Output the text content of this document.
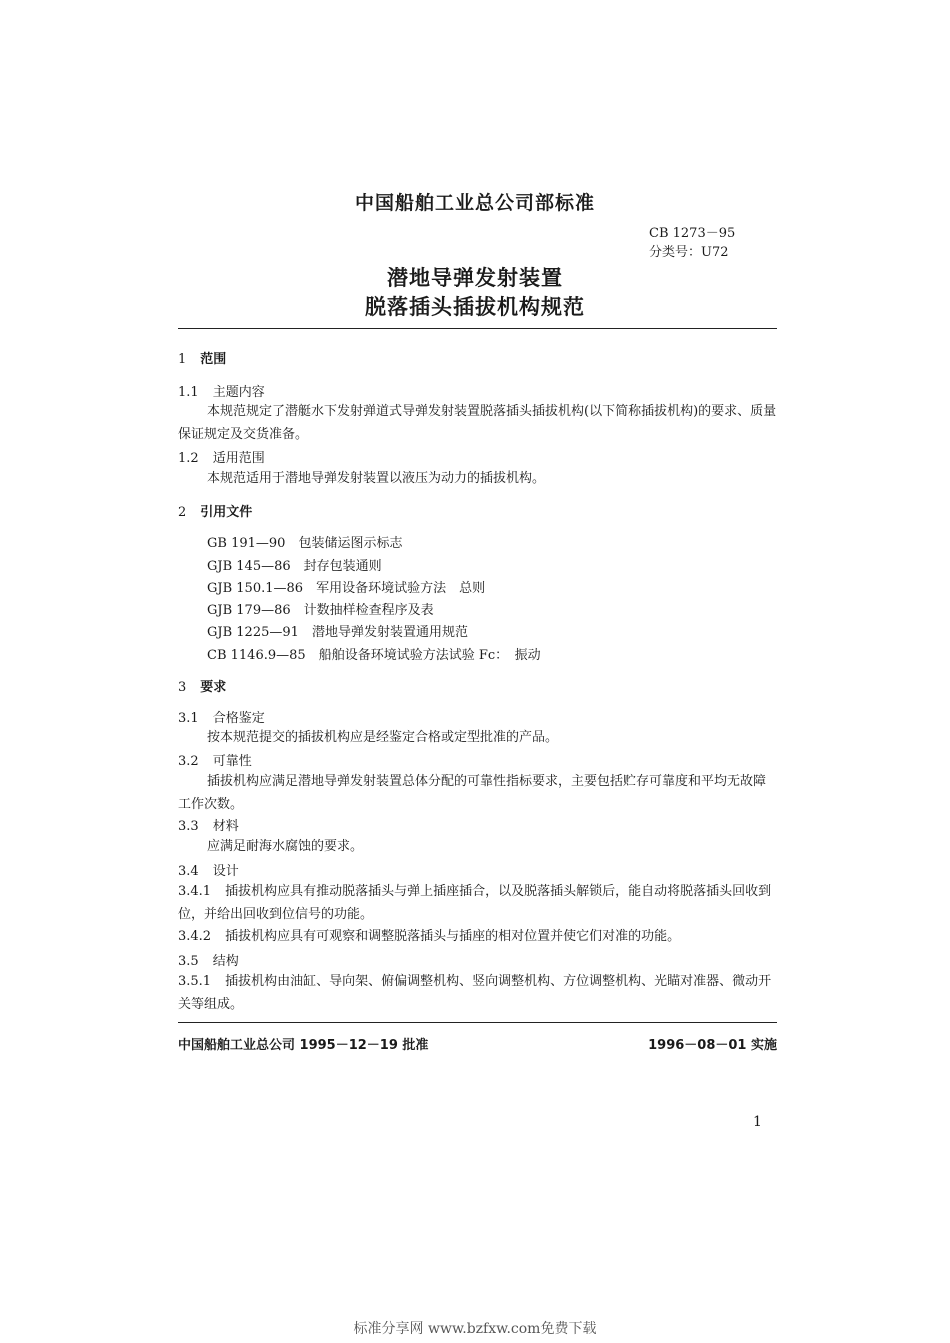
中国船舶工业总公司部标准
CB 1273－95
分类号：U72
潜地导弹发射装置
脱落插头插拔机构规范
1 范围
1.1 主题内容
本规范规定了潜艇水下发射弹道式导弹发射装置脱落插头插拔机构(以下简称插拔机构)的要求、质量保证规定及交货准备。
1.2 适用范围
本规范适用于潜地导弹发射装置以液压为动力的插拔机构。
2 引用文件
GB 191—90　 包装储运图示标志
GJB 145—86　 封存包装通则
GJB 150.1—86　 军用设备环境试验方法　总则
GJB 179—86　 计数抽样检查程序及表
GJB 1225—91　 潜地导弹发射装置通用规范
CB 1146.9—85　 船舶设备环境试验方法试验 Fc：　振动
3 要求
3.1 合格鉴定
按本规范提交的插拔机构应是经鉴定合格或定型批准的产品。
3.2 可靠性
插拔机构应满足潜地导弹发射装置总体分配的可靠性指标要求，主要包括贮存可靠度和平均无故障工作次数。
3.3 材料
应满足耐海水腐蚀的要求。
3.4 设计
3.4.1 插拔机构应具有推动脱落插头与弹上插座插合，以及脱落插头解锁后，能自动将脱落插头回收到位，并给出回收到位信号的功能。
3.4.2 插拔机构应具有可观察和调整脱落插头与插座的相对位置并使它们对准的功能。
3.5 结构
3.5.1 插拔机构由油缸、导向架、俯偏调整机构、竖向调整机构、方位调整机构、光瞄对准器、微动开关等组成。
中国船舶工业总公司 1995－12－19 批准	1996－08－01 实施
1
标准分享网 www.bzfxw.com免费下载
